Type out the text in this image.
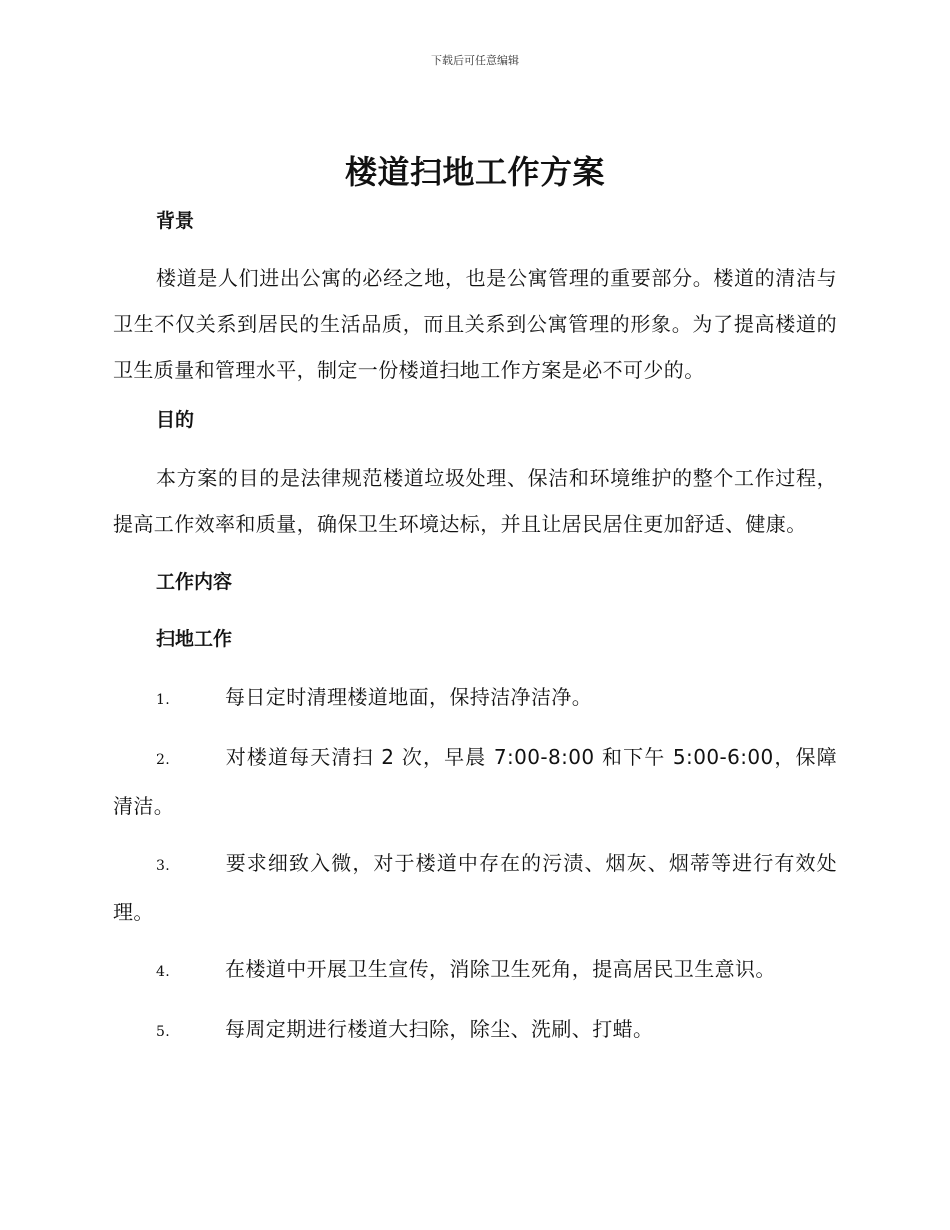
下载后可任意编辑
楼道扫地工作方案
背景

楼道是人们进出公寓的必经之地，也是公寓管理的重要部分。楼道的清洁与卫生不仅关系到居民的生活品质，而且关系到公寓管理的形象。为了提高楼道的卫生质量和管理水平，制定一份楼道扫地工作方案是必不可少的。

目的

本方案的目的是法律规范楼道垃圾处理、保洁和环境维护的整个工作过程，提高工作效率和质量，确保卫生环境达标，并且让居民居住更加舒适、健康。

工作内容
扫地工作

1.	每日定时清理楼道地面，保持洁净洁净。

2.	对楼道每天清扫 2 次，早晨 7:00-8:00 和下午 5:00-6:00，保障清洁。

3.	要求细致入微，对于楼道中存在的污渍、烟灰、烟蒂等进行有效处理。

4.	在楼道中开展卫生宣传，消除卫生死角，提高居民卫生意识。

5.	每周定期进行楼道大扫除，除尘、洗刷、打蜡。
